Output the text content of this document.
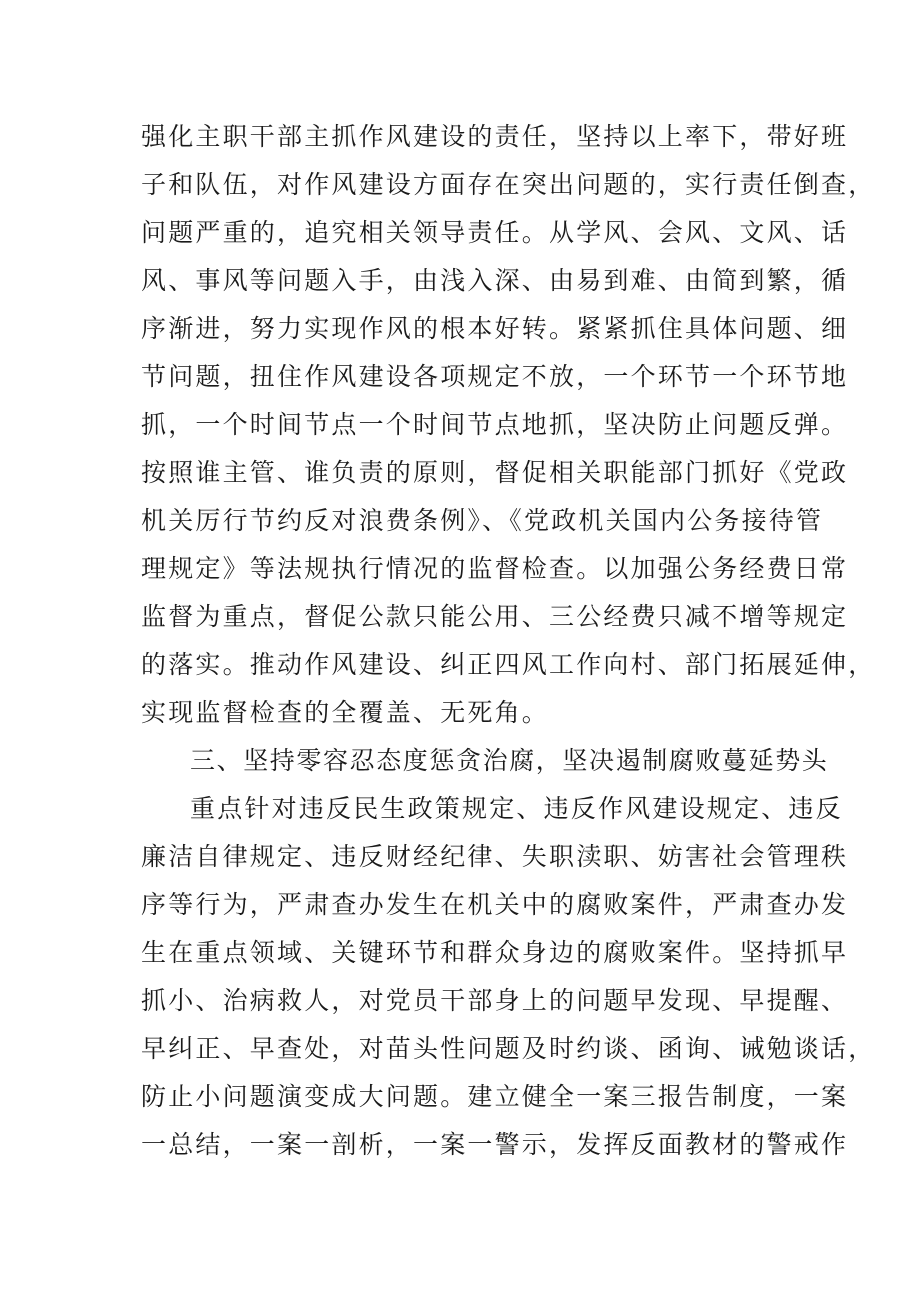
强化主职干部主抓作风建设的责任，坚持以上率下，带好班
子和队伍，对作风建设方面存在突出问题的，实行责任倒查，
问题严重的，追究相关领导责任。从学风、会风、文风、话
风、事风等问题入手，由浅入深、由易到难、由简到繁，循
序渐进，努力实现作风的根本好转。紧紧抓住具体问题、细
节问题，扭住作风建设各项规定不放，一个环节一个环节地
抓，一个时间节点一个时间节点地抓，坚决防止问题反弹。
按照谁主管、谁负责的原则，督促相关职能部门抓好《党政
机关厉行节约反对浪费条例》、《党政机关国内公务接待管
理规定》等法规执行情况的监督检查。以加强公务经费日常
监督为重点，督促公款只能公用、三公经费只减不增等规定
的落实。推动作风建设、纠正四风工作向村、部门拓展延伸，
实现监督检查的全覆盖、无死角。
三、坚持零容忍态度惩贪治腐，坚决遏制腐败蔓延势头
重点针对违反民生政策规定、违反作风建设规定、违反
廉洁自律规定、违反财经纪律、失职渎职、妨害社会管理秩
序等行为，严肃查办发生在机关中的腐败案件，严肃查办发
生在重点领域、关键环节和群众身边的腐败案件。坚持抓早
抓小、治病救人，对党员干部身上的问题早发现、早提醒、
早纠正、早查处，对苗头性问题及时约谈、函询、诫勉谈话，
防止小问题演变成大问题。建立健全一案三报告制度，一案
一总结，一案一剖析，一案一警示，发挥反面教材的警戒作
